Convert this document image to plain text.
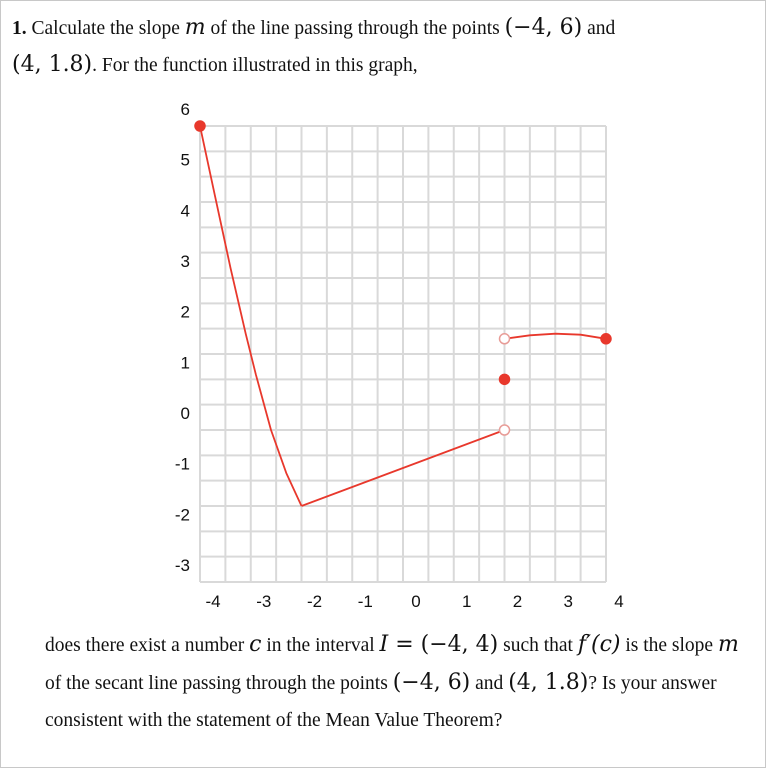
1. Calculate the slope m of the line passing through the points (−4, 6) and
(4, 1.8). For the function illustrated in this graph,
6
5
4
3
2
1
0
-1
-2
-3
-4 -3 -2 -1 0 1 2 3 4
does there exist a number c in the interval I = (−4, 4) such that f′(c) is the slope m of the secant line passing through the points (−4, 6) and (4, 1.8)? Is your answer consistent with the statement of the Mean Value Theorem?
